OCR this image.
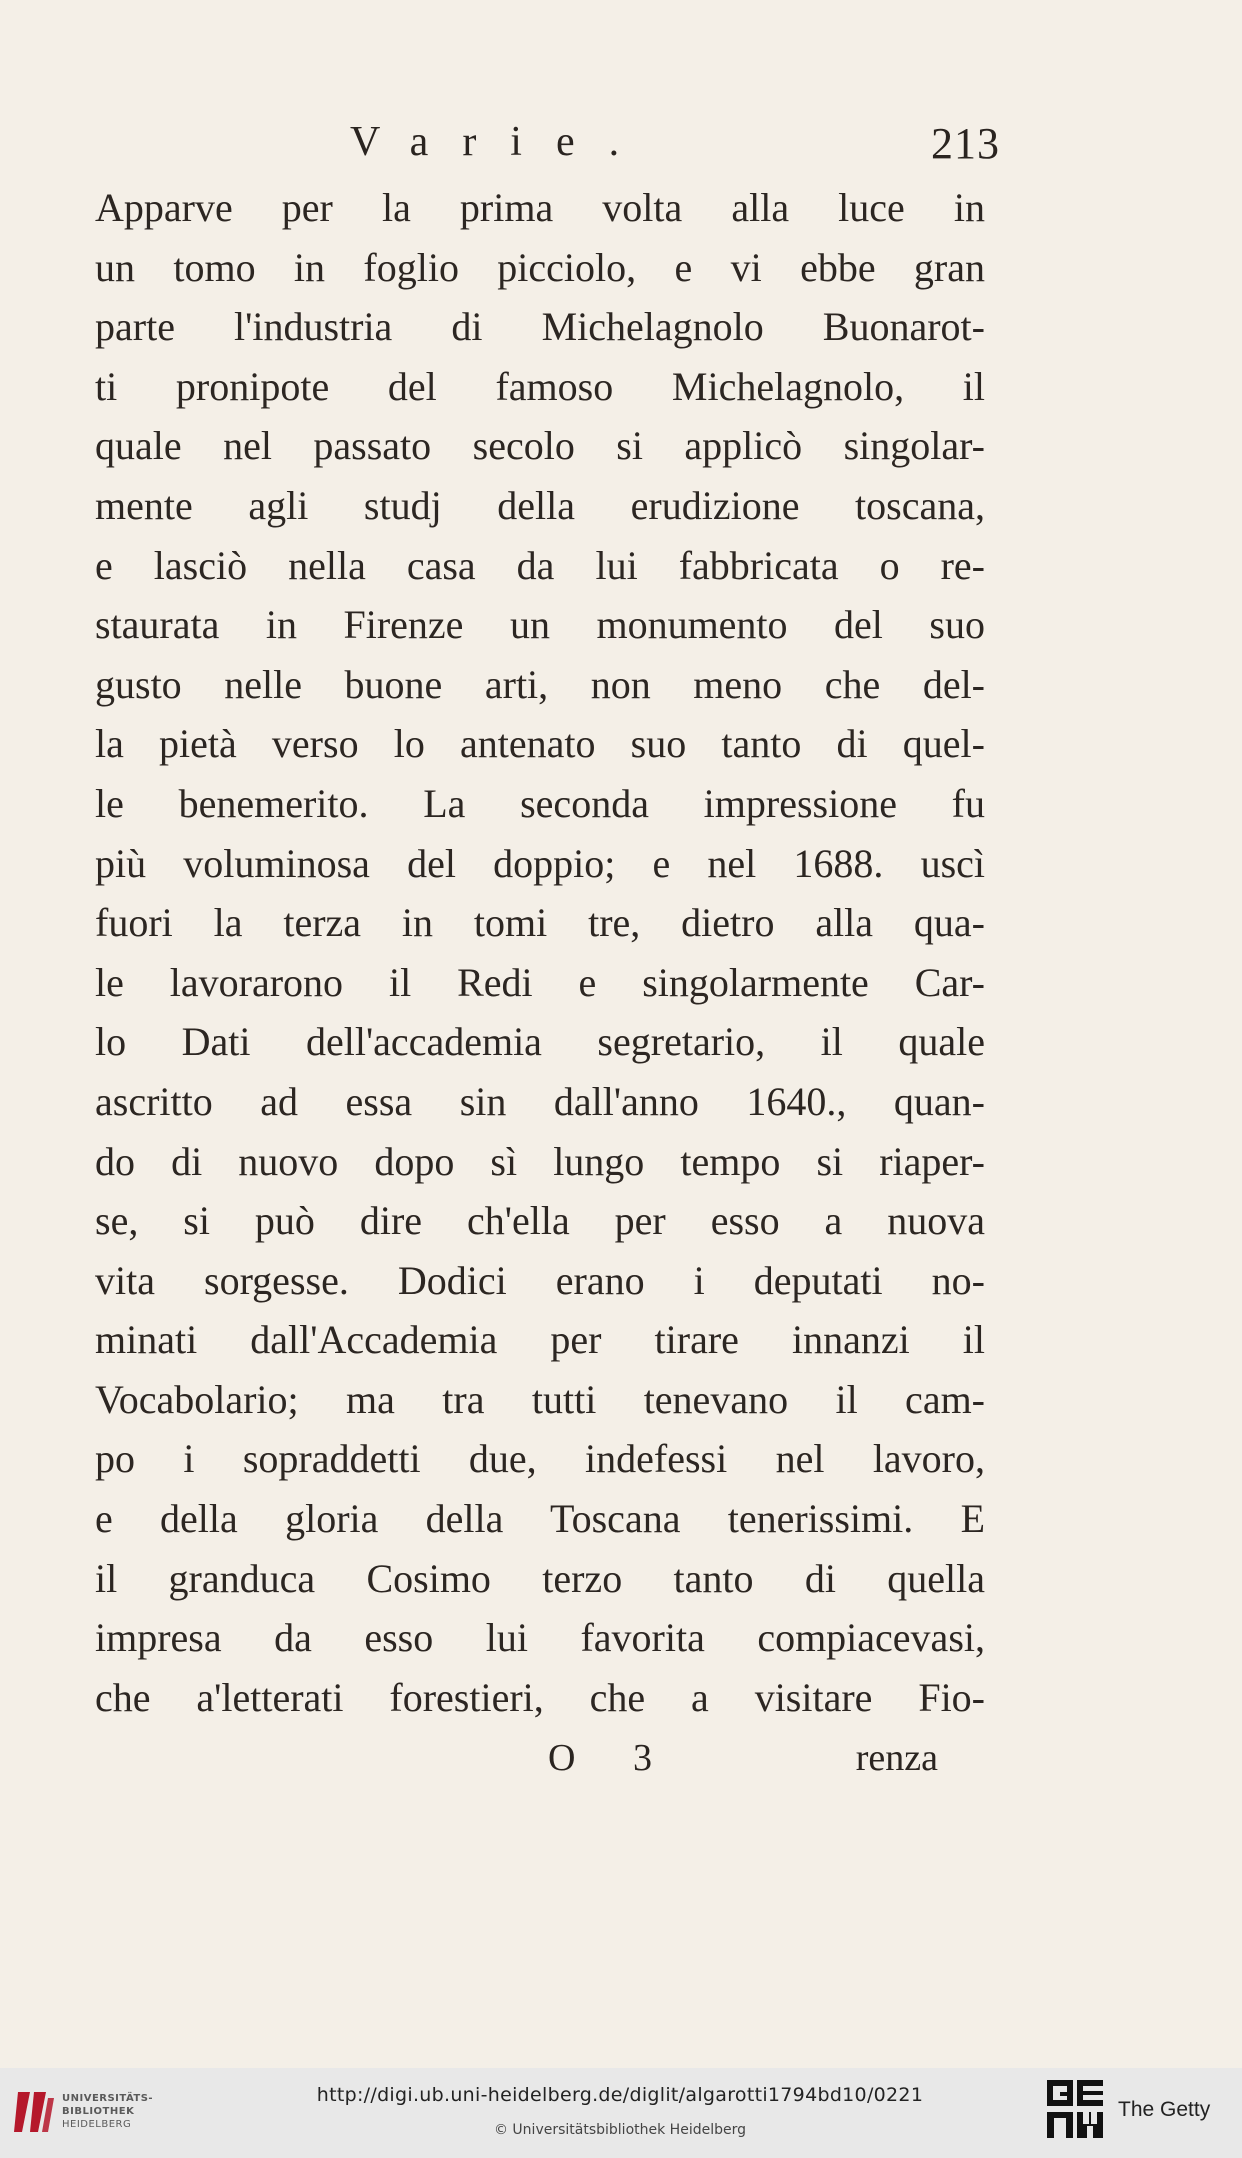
Varie.	213
Apparve per la prima volta alla luce in
un tomo in foglio picciolo, e vi ebbe gran
parte l'industria di Michelagnolo Buonarot-
ti pronipote del famoso Michelagnolo, il
quale nel passato secolo si applicò singolar-
mente agli studj della erudizione toscana,
e lasciò nella casa da lui fabbricata o re-
staurata in Firenze un monumento del suo
gusto nelle buone arti, non meno che del-
la pietà verso lo antenato suo tanto di quel-
le benemerito. La seconda impressione fu
più voluminosa del doppio; e nel 1688. uscì
fuori la terza in tomi tre, dietro alla qua-
le lavorarono il Redi e singolarmente Car-
lo Dati dell'accademia segretario, il quale
ascritto ad essa sin dall'anno 1640., quan-
do di nuovo dopo sì lungo tempo si riaper-
se, si può dire ch'ella per esso a nuova
vita sorgesse. Dodici erano i deputati no-
minati dall'Accademia per tirare innanzi il
Vocabolario; ma tra tutti tenevano il cam-
po i sopraddetti due, indefessi nel lavoro,
e della gloria della Toscana tenerissimi. E
il granduca Cosimo terzo tanto di quella
impresa da esso lui favorita compiacevasi,
che a'letterati forestieri, che a visitare Fio-
O 3	renza
UNIVERSITÄTS-
BIBLIOTHEK
HEIDELBERG
http://digi.ub.uni-heidelberg.de/diglit/algarotti1794bd10/0221
© Universitätsbibliothek Heidelberg
The Getty
